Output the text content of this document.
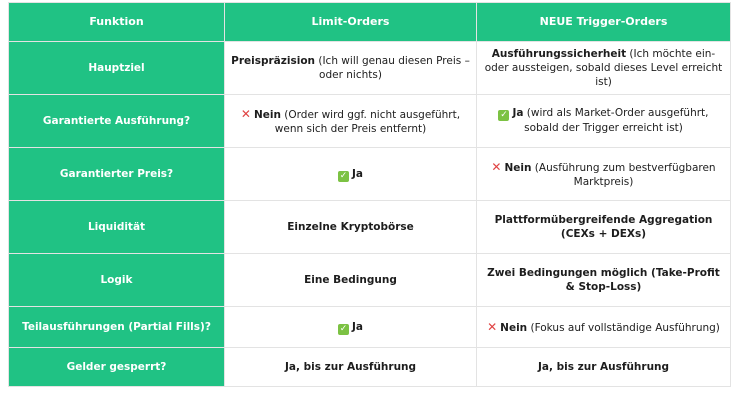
Funktion	Limit-Orders	NEUE Trigger-Orders
Hauptziel	Preispräzision (Ich will genau diesen Preis – oder nichts)	Ausführungssicherheit (Ich möchte ein- oder aussteigen, sobald dieses Level erreicht ist)
Garantierte Ausführung?	✕ Nein (Order wird ggf. nicht ausgeführt, wenn sich der Preis entfernt)	✓ Ja (wird als Market-Order ausgeführt, sobald der Trigger erreicht ist)
Garantierter Preis?	✓ Ja	✕ Nein (Ausführung zum bestverfügbaren Marktpreis)
Liquidität	Einzelne Kryptobörse	Plattformübergreifende Aggregation (CEXs + DEXs)
Logik	Eine Bedingung	Zwei Bedingungen möglich (Take-Profit & Stop-Loss)
Teilausführungen (Partial Fills)?	✓ Ja	✕ Nein (Fokus auf vollständige Ausführung)
Gelder gesperrt?	Ja, bis zur Ausführung	Ja, bis zur Ausführung
